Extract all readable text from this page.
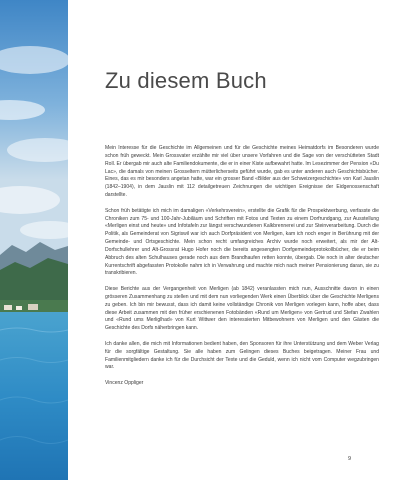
Zu diesem Buch

Mein Interesse für die Geschichte im Allgemeinen und für die Geschichte meines Heimatdorfs im Besonderen wurde schon früh geweckt. Mein Grossvater erzählte mir viel über unsere Vorfahren und die Sage von der verschütteten Stadt Roll. Er übergab mir auch alte Familiendokumente, die er in einer Kiste aufbewahrt hatte. Im Lesezimmer der Pension «Du Lac», die damals von meinen Grosseltern mütterlicherseits geführt wurde, gab es unter anderen auch Geschichtsbücher. Eines, das es mir besonders angetan hatte, war ein grosser Band «Bilder aus der Schweizergeschichte» von Karl Jauslin (1842–1904), in dem Jauslin mit 112 detailgetreuen Zeichnungen die wichtigen Ereignisse der Eidgenossenschaft darstellte.

Schon früh betätigte ich mich im damaligen «Verkehrsverein», erstellte die Grafik für die Prospektwerbung, verfasste die Chroniken zum 75- und 100-Jahr-Jubiläum und Schriften mit Fotos und Texten zu einem Dorfrundgang, zur Ausstellung «Merligen einst und heute» und Infotafeln zur längst verschwundenen Kalkbrennerei und zur Steinverarbeitung. Durch die Politik, als Gemeinderat von Sigriswil war ich auch Dorfpräsident von Merligen, kam ich noch enger in Berührung mit der Gemeinde- und Ortsgeschichte. Mein schon recht umfangreiches Archiv wurde noch erweitert, als mir der Alt-Dorfschullehrer und Alt-Grossrat Hugo Hofer noch die bereits angesengten Dorfgemeindeprotokollbücher, die er beim Abbruch des alten Schulhauses gerade noch aus dem Brandhaufen retten konnte, übergab. Die noch in alter deutscher Kurrentschrift abgefassten Protokolle nahm ich in Verwahrung und machte mich nach meiner Pensionierung daran, sie zu transkribieren.

Diese Berichte aus der Vergangenheit von Merligen (ab 1842) veranlassten mich nun, Ausschnitte davon in einen grösseren Zusammenhang zu stellen und mit dem nun vorliegenden Werk einen Überblick über die Geschichte Merligens zu geben. Ich bin mir bewusst, dass ich damit keine vollständige Chronik von Merligen vorlegen kann, hoffe aber, dass diese Arbeit zusammen mit den früher erschienenen Fotobänden «Rund um Merligen» von Gertrud und Stefan Zwahlen und «Rund ums Merliglhad» von Kurt Wittwer den interessierten Mitbewohnern von Merligen und den Gästen die Geschichte des Dorfs näherbringen kann.

Ich danke allen, die mich mit Informationen bedient haben, den Sponsoren für ihre Unterstützung und dem Weber Verlag für die sorgfältige Gestaltung. Sie alle haben zum Gelingen dieses Buches beigetragen. Meiner Frau und Familienmitgliedern danke ich für die Durchsicht der Texte und die Geduld, wenn ich nicht vom Computer wegzubringen war.

Vincenz Oppliger

9
